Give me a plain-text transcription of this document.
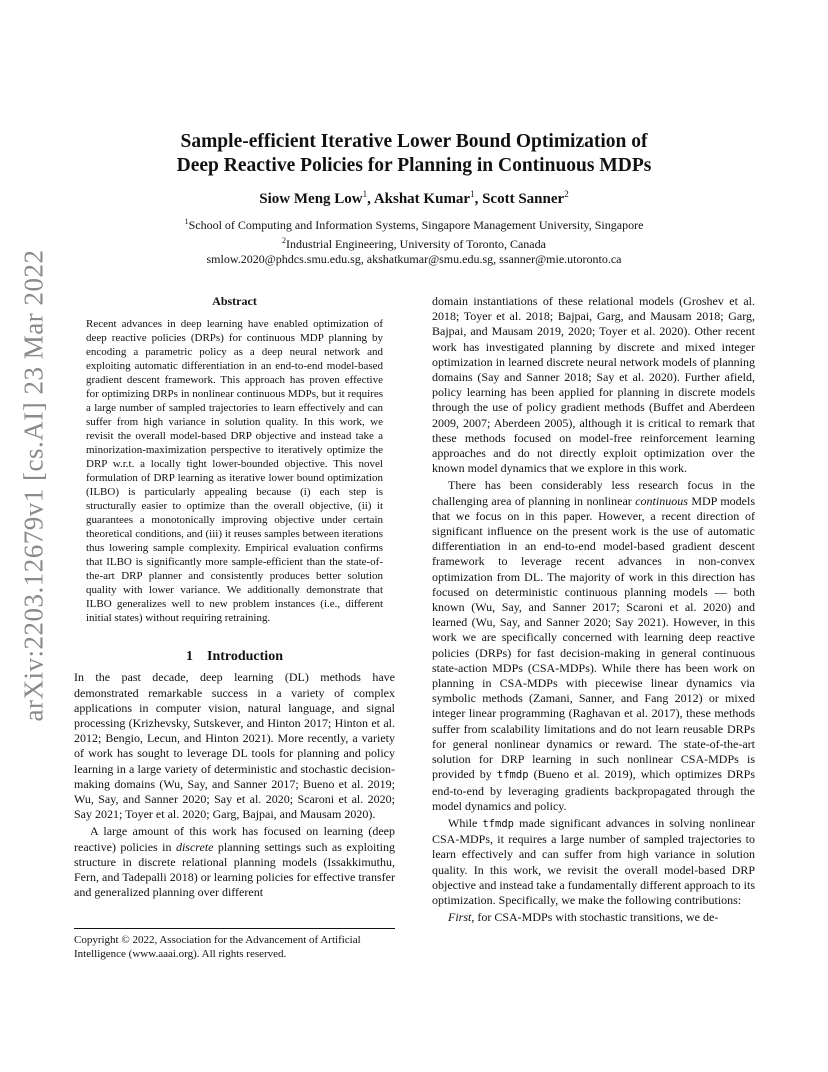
arXiv:2203.12679v1 [cs.AI] 23 Mar 2022
Sample-efficient Iterative Lower Bound Optimization of
Deep Reactive Policies for Planning in Continuous MDPs
Siow Meng Low$^1$, Akshat Kumar$^1$, Scott Sanner$^2$
$^1$School of Computing and Information Systems, Singapore Management University, Singapore
$^2$Industrial Engineering, University of Toronto, Canada
smlow.2020@phdcs.smu.edu.sg, akshatkumar@smu.edu.sg, ssanner@mie.utoronto.ca
Abstract

Recent advances in deep learning have enabled optimization of deep reactive policies (DRPs) for continuous MDP planning by encoding a parametric policy as a deep neural network and exploiting automatic differentiation in an end-to-end model-based gradient descent framework. This approach has proven effective for optimizing DRPs in nonlinear continuous MDPs, but it requires a large number of sampled trajectories to learn effectively and can suffer from high variance in solution quality. In this work, we revisit the overall model-based DRP objective and instead take a minorization-maximization perspective to iteratively optimize the DRP w.r.t. a locally tight lower-bounded objective. This novel formulation of DRP learning as iterative lower bound optimization (ILBO) is particularly appealing because (i) each step is structurally easier to optimize than the overall objective, (ii) it guarantees a monotonically improving objective under certain theoretical conditions, and (iii) it reuses samples between iterations thus lowering sample complexity. Empirical evaluation confirms that ILBO is significantly more sample-efficient than the state-of-the-art DRP planner and consistently produces better solution quality with lower variance. We additionally demonstrate that ILBO generalizes well to new problem instances (i.e., different initial states) without requiring retraining.

1 Introduction

In the past decade, deep learning (DL) methods have demonstrated remarkable success in a variety of complex applications in computer vision, natural language, and signal processing (Krizhevsky, Sutskever, and Hinton 2017; Hinton et al. 2012; Bengio, Lecun, and Hinton 2021). More recently, a variety of work has sought to leverage DL tools for planning and policy learning in a large variety of deterministic and stochastic decision-making domains (Wu, Say, and Sanner 2017; Bueno et al. 2019; Wu, Say, and Sanner 2020; Say et al. 2020; Scaroni et al. 2020; Say 2021; Toyer et al. 2020; Garg, Bajpai, and Mausam 2020).

A large amount of this work has focused on learning (deep reactive) policies in discrete planning settings such as exploiting structure in discrete relational planning models (Issakkimuthu, Fern, and Tadepalli 2018) or learning policies for effective transfer and generalized planning over different

Copyright © 2022, Association for the Advancement of Artificial Intelligence (www.aaai.org). All rights reserved.

domain instantiations of these relational models (Groshev et al. 2018; Toyer et al. 2018; Bajpai, Garg, and Mausam 2018; Garg, Bajpai, and Mausam 2019, 2020; Toyer et al. 2020). Other recent work has investigated planning by discrete and mixed integer optimization in learned discrete neural network models of planning domains (Say and Sanner 2018; Say et al. 2020). Further afield, policy learning has been applied for planning in discrete models through the use of policy gradient methods (Buffet and Aberdeen 2009, 2007; Aberdeen 2005), although it is critical to remark that these methods focused on model-free reinforcement learning approaches and do not directly exploit optimization over the known model dynamics that we explore in this work.

There has been considerably less research focus in the challenging area of planning in nonlinear continuous MDP models that we focus on in this paper. However, a recent direction of significant influence on the present work is the use of automatic differentiation in an end-to-end model-based gradient descent framework to leverage recent advances in non-convex optimization from DL. The majority of work in this direction has focused on deterministic continuous planning models — both known (Wu, Say, and Sanner 2017; Scaroni et al. 2020) and learned (Wu, Say, and Sanner 2020; Say 2021). However, in this work we are specifically concerned with learning deep reactive policies (DRPs) for fast decision-making in general continuous state-action MDPs (CSA-MDPs). While there has been work on planning in CSA-MDPs with piecewise linear dynamics via symbolic methods (Zamani, Sanner, and Fang 2012) or mixed integer linear programming (Raghavan et al. 2017), these methods suffer from scalability limitations and do not learn reusable DRPs for general nonlinear dynamics or reward. The state-of-the-art solution for DRP learning in such nonlinear CSA-MDPs is provided by tfmdp (Bueno et al. 2019), which optimizes DRPs end-to-end by leveraging gradients backpropagated through the model dynamics and policy.

While tfmdp made significant advances in solving nonlinear CSA-MDPs, it requires a large number of sampled trajectories to learn effectively and can suffer from high variance in solution quality. In this work, we revisit the overall model-based DRP objective and instead take a fundamentally different approach to its optimization. Specifically, we make the following contributions:

First, for CSA-MDPs with stochastic transitions, we de-
